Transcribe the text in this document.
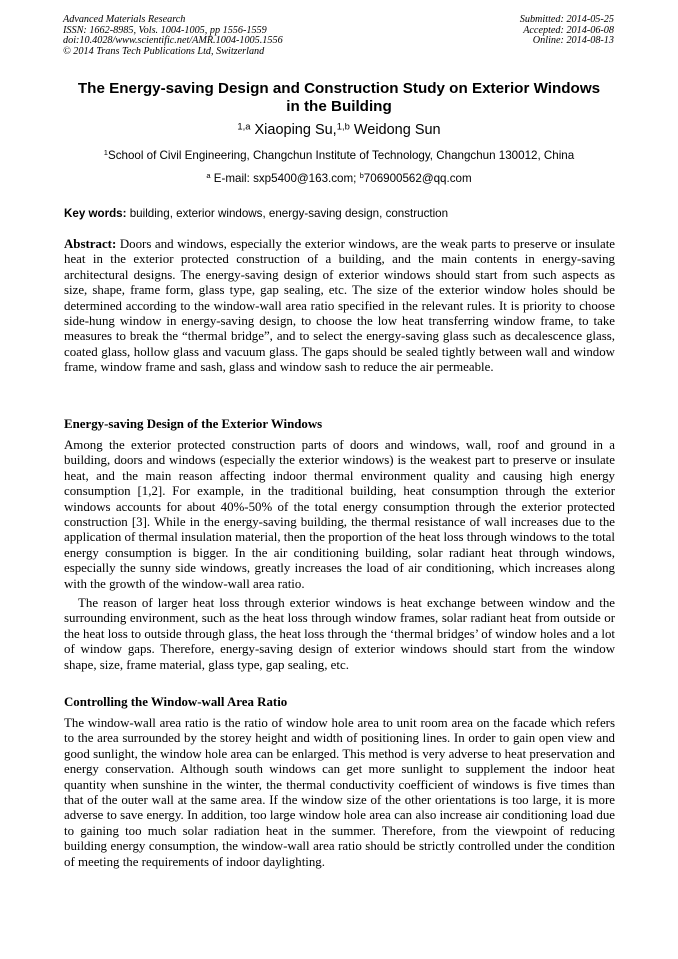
Advanced Materials Research
ISSN: 1662-8985, Vols. 1004-1005, pp 1556-1559
doi:10.4028/www.scientific.net/AMR.1004-1005.1556
© 2014 Trans Tech Publications Ltd, Switzerland
Submitted: 2014-05-25
Accepted: 2014-06-08
Online: 2014-08-13
The Energy-saving Design and Construction Study on Exterior Windows
in the Building
$^{1,a}$ Xiaoping Su,$^{1,b}$ Weidong Sun
$^1$School of Civil Engineering, Changchun Institute of Technology, Changchun 130012, China
$^a$ E-mail: sxp5400@163.com; $^b$706900562@qq.com
Key words: building, exterior windows, energy-saving design, construction
Abstract: Doors and windows, especially the exterior windows, are the weak parts to preserve or insulate heat in the exterior protected construction of a building, and the main contents in energy-saving architectural designs. The energy-saving design of exterior windows should start from such aspects as size, shape, frame form, glass type, gap sealing, etc. The size of the exterior window holes should be determined according to the window-wall area ratio specified in the relevant rules. It is priority to choose side-hung window in energy-saving design, to choose the low heat transferring window frame, to take measures to break the “thermal bridge”, and to select the energy-saving glass such as decalescence glass, coated glass, hollow glass and vacuum glass. The gaps should be sealed tightly between wall and window frame, window frame and sash, glass and window sash to reduce the air permeable.
Energy-saving Design of the Exterior Windows
Among the exterior protected construction parts of doors and windows, wall, roof and ground in a building, doors and windows (especially the exterior windows) is the weakest part to preserve or insulate heat, and the main reason affecting indoor thermal environment quality and causing high energy consumption [1,2]. For example, in the traditional building, heat consumption through the exterior windows accounts for about 40%-50% of the total energy consumption through the exterior protected construction [3]. While in the energy-saving building, the thermal resistance of wall increases due to the application of thermal insulation material, then the proportion of the heat loss through windows to the total energy consumption is bigger. In the air conditioning building, solar radiant heat through windows, especially the sunny side windows, greatly increases the load of air conditioning, which increases along with the growth of the window-wall area ratio.
The reason of larger heat loss through exterior windows is heat exchange between window and the surrounding environment, such as the heat loss through window frames, solar radiant heat from outside or the heat loss to outside through glass, the heat loss through the ‘thermal bridges’ of window holes and a lot of window gaps. Therefore, energy-saving design of exterior windows should start from the window shape, size, frame material, glass type, gap sealing, etc.
Controlling the Window-wall Area Ratio
The window-wall area ratio is the ratio of window hole area to unit room area on the facade which refers to the area surrounded by the storey height and width of positioning lines. In order to gain open view and good sunlight, the window hole area can be enlarged. This method is very adverse to heat preservation and energy conservation. Although south windows can get more sunlight to supplement the indoor heat quantity when sunshine in the winter, the thermal conductivity coefficient of windows is five times than that of the outer wall at the same area. If the window size of the other orientations is too large, it is more adverse to save energy. In addition, too large window hole area can also increase air conditioning load due to gaining too much solar radiation heat in the summer. Therefore, from the viewpoint of reducing building energy consumption, the window-wall area ratio should be strictly controlled under the condition of meeting the requirements of indoor daylighting.
